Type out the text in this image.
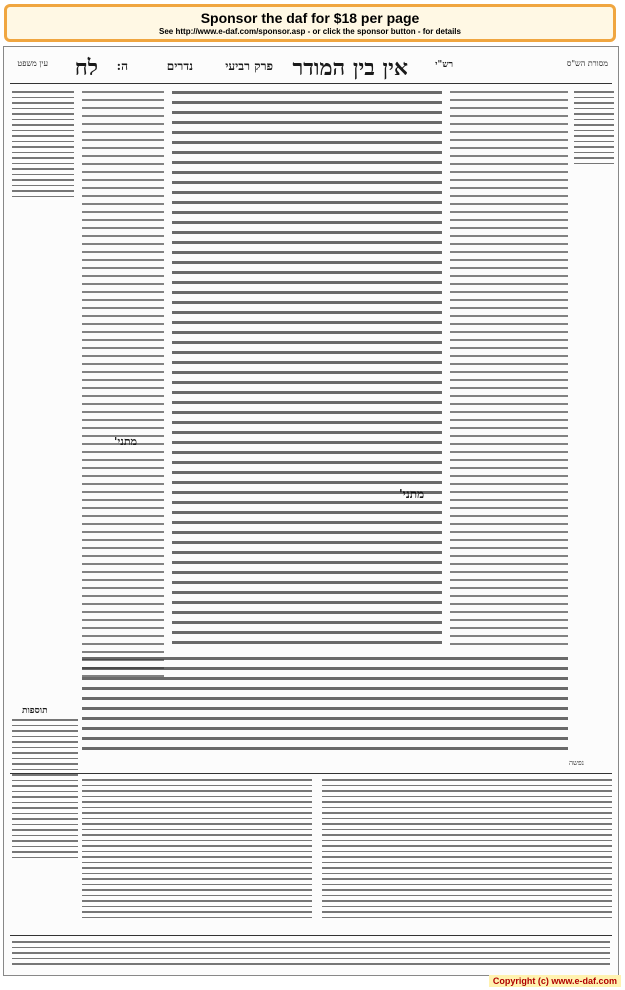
Sponsor the daf for $18 per page
See http://www.e-daf.com/sponsor.asp - or click the sponsor button - for details
מסורת הש"ס
רש"י
אין בין המודר
פרק רביעי
נדרים
ה:
לח
עין משפט
תוספות
מתני'
מתני'
נפשה
Copyright (c) www.e-daf.com
